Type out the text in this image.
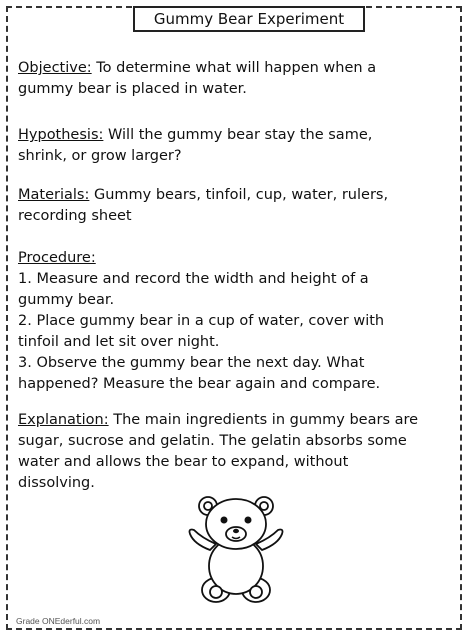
Gummy Bear Experiment
Objective: To determine what will happen when a
gummy bear is placed in water.
Hypothesis: Will the gummy bear stay the same,
shrink, or grow larger?
Materials: Gummy bears, tinfoil, cup, water, rulers,
recording sheet
Procedure:
1. Measure and record the width and height of a
gummy bear.
2. Place gummy bear in a cup of water, cover with
tinfoil and let sit over night.
3. Observe the gummy bear the next day. What
happened? Measure the bear again and compare.
Explanation: The main ingredients in gummy bears are
sugar, sucrose and gelatin. The gelatin absorbs some
water and allows the bear to expand, without
dissolving.
Grade ONEderful.com
